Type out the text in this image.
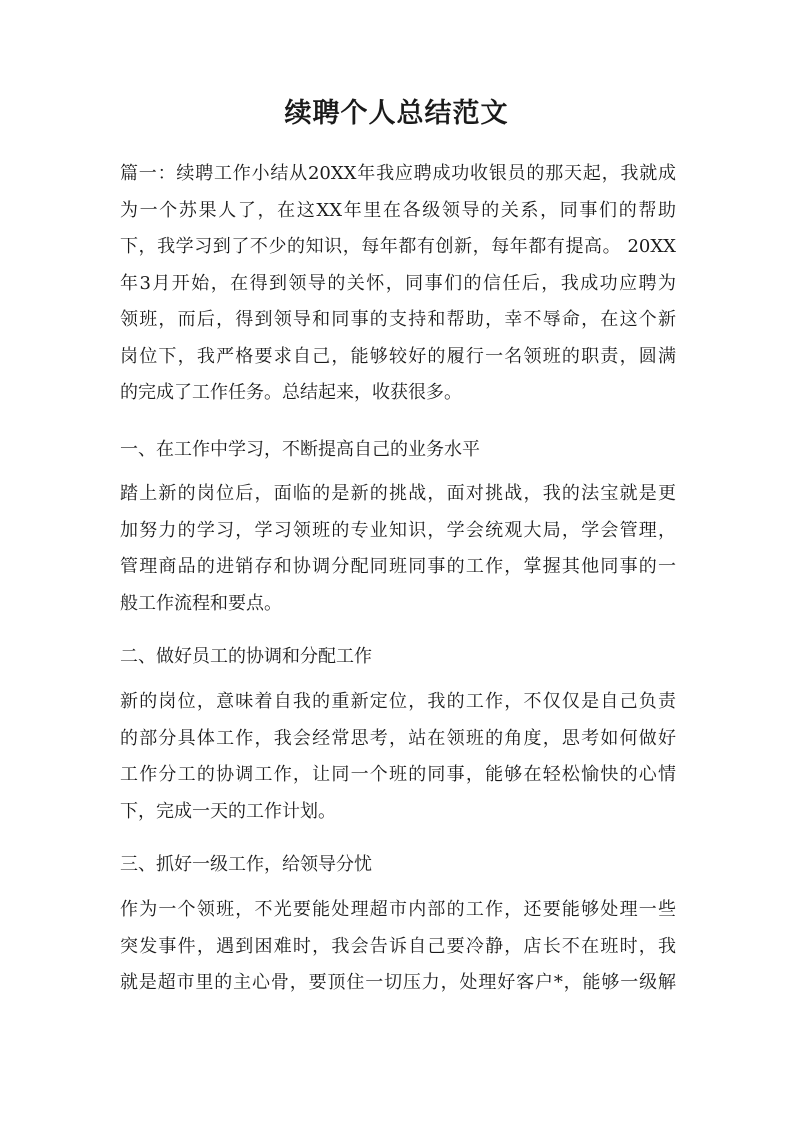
续聘个人总结范文
篇一：续聘工作小结从20XX年我应聘成功收银员的那天起，我就成
为一个苏果人了，在这XX年里在各级领导的关系，同事们的帮助
下，我学习到了不少的知识，每年都有创新，每年都有提高。 20XX
年3月开始，在得到领导的关怀，同事们的信任后，我成功应聘为
领班，而后，得到领导和同事的支持和帮助，幸不辱命，在这个新
岗位下，我严格要求自己，能够较好的履行一名领班的职责，圆满
的完成了工作任务。总结起来，收获很多。
一、在工作中学习，不断提高自己的业务水平
踏上新的岗位后，面临的是新的挑战，面对挑战，我的法宝就是更
加努力的学习，学习领班的专业知识，学会统观大局，学会管理，
管理商品的进销存和协调分配同班同事的工作，掌握其他同事的一
般工作流程和要点。
二、做好员工的协调和分配工作
新的岗位，意味着自我的重新定位，我的工作，不仅仅是自己负责
的部分具体工作，我会经常思考，站在领班的角度，思考如何做好
工作分工的协调工作，让同一个班的同事，能够在轻松愉快的心情
下，完成一天的工作计划。
三、抓好一级工作，给领导分忧
作为一个领班，不光要能处理超市内部的工作，还要能够处理一些
突发事件，遇到困难时，我会告诉自己要冷静，店长不在班时，我
就是超市里的主心骨，要顶住一切压力，处理好客户*，能够一级解
